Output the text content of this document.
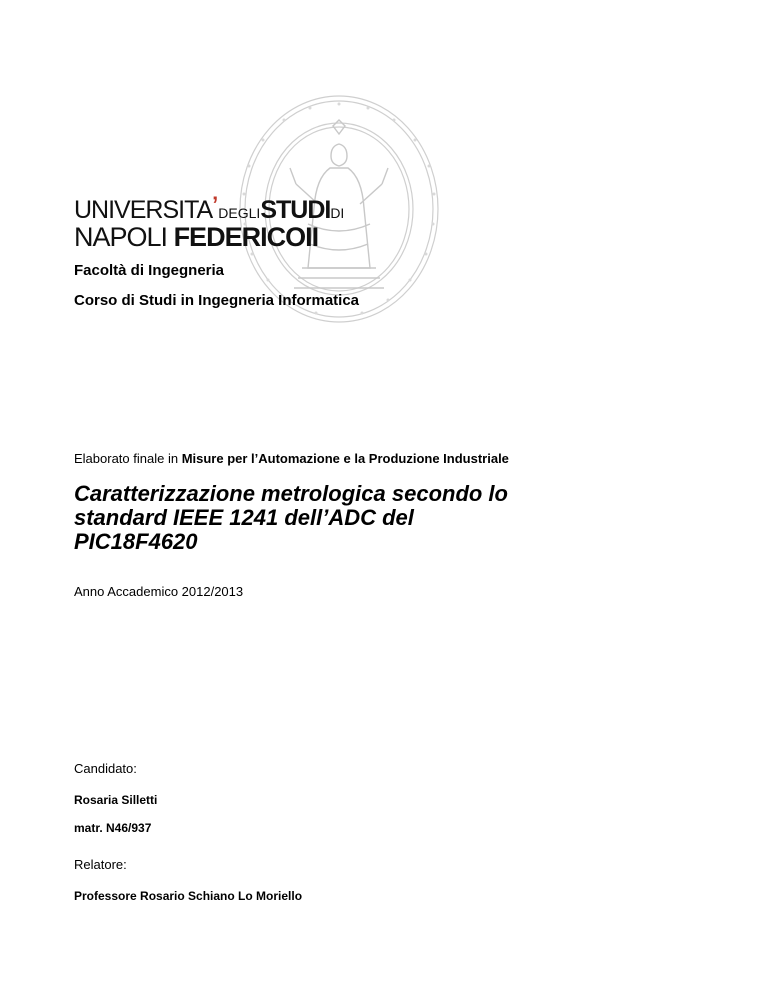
UNIVERSITA’DEGLISTUDIDI
NAPOLI FEDERICOII
Facoltà di Ingegneria
Corso di Studi in Ingegneria Informatica
Elaborato finale in Misure per l’Automazione e la Produzione Industriale
Caratterizzazione metrologica secondo lo
standard IEEE 1241 dell’ADC del
PIC18F4620
Anno Accademico 2012/2013
Candidato:
Rosaria Silletti
matr. N46/937
Relatore:
Professore Rosario Schiano Lo Moriello
